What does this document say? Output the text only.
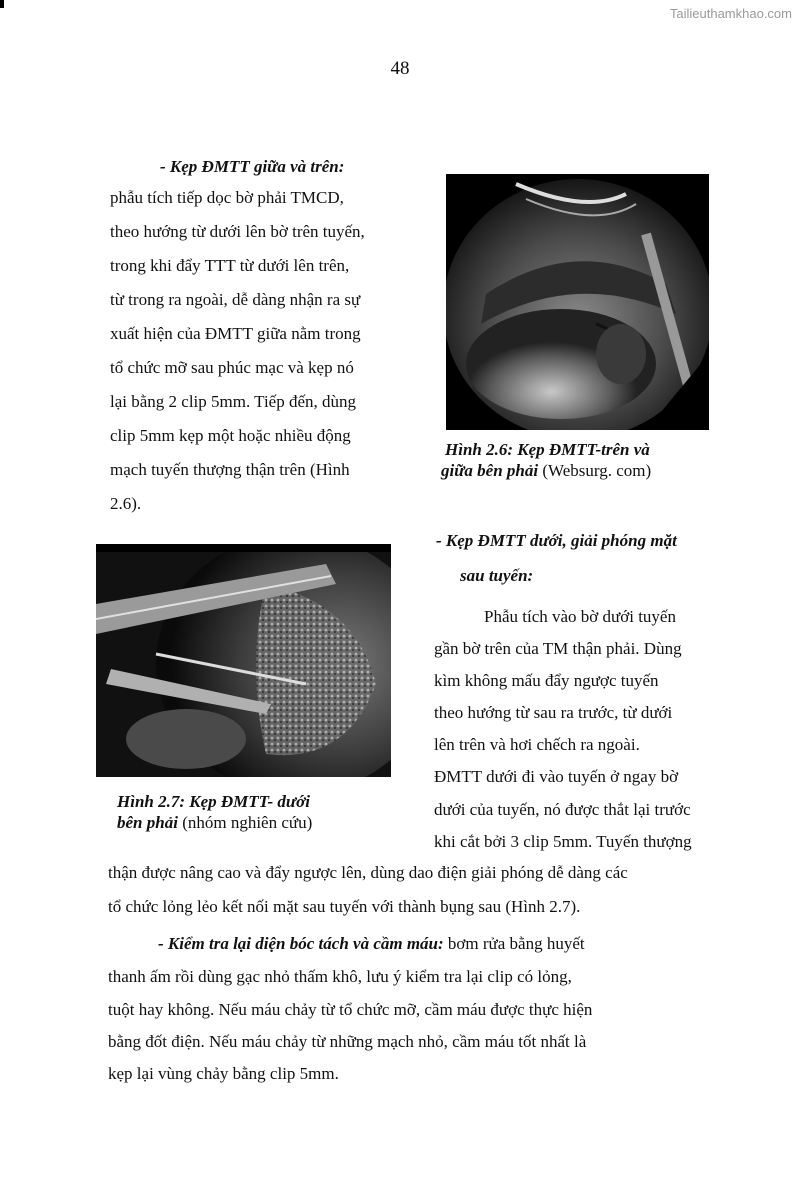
Tailieuthamkhao.com
48
- Kẹp ĐMTT giữa và trên:
phẫu tích tiếp dọc bờ phải TMCD,
theo hướng từ dưới lên bờ trên tuyến,
trong khi đẩy TTT từ dưới lên trên,
từ trong ra ngoài, dễ dàng nhận ra sự
xuất hiện của ĐMTT giữa nằm trong
tổ chức mỡ sau phúc mạc và kẹp nó
lại bằng 2 clip 5mm. Tiếp đến, dùng
clip 5mm kẹp một hoặc nhiều động
mạch tuyến thượng thận trên (Hình
2.6).
Hình 2.6: Kẹp ĐMTT-trên và
giữa bên phải (Websurg. com)
- Kẹp ĐMTT dưới, giải phóng mặt
sau tuyến:
Hình 2.7: Kẹp ĐMTT- dưới
bên phải (nhóm nghiên cứu)
Phẫu tích vào bờ dưới tuyến
gần bờ trên của TM thận phải. Dùng
kìm không mấu đẩy ngược tuyến
theo hướng từ sau ra trước, từ dưới
lên trên và hơi chếch ra ngoài.
ĐMTT dưới đi vào tuyến ở ngay bờ
dưới của tuyến, nó được thắt lại trước
khi cắt bởi 3 clip 5mm. Tuyến thượng
thận được nâng cao và đẩy ngược lên, dùng dao điện giải phóng dễ dàng các
tổ chức lỏng lẻo kết nối mặt sau tuyến với thành bụng sau (Hình 2.7).
- Kiểm tra lại diện bóc tách và cầm máu: bơm rửa bằng huyết
thanh ấm rồi dùng gạc nhỏ thấm khô, lưu ý kiểm tra lại clip có lỏng,
tuột hay không. Nếu máu chảy từ tổ chức mỡ, cầm máu được thực hiện
bằng đốt điện. Nếu máu chảy từ những mạch nhỏ, cầm máu tốt nhất là
kẹp lại vùng chảy bằng clip 5mm.
